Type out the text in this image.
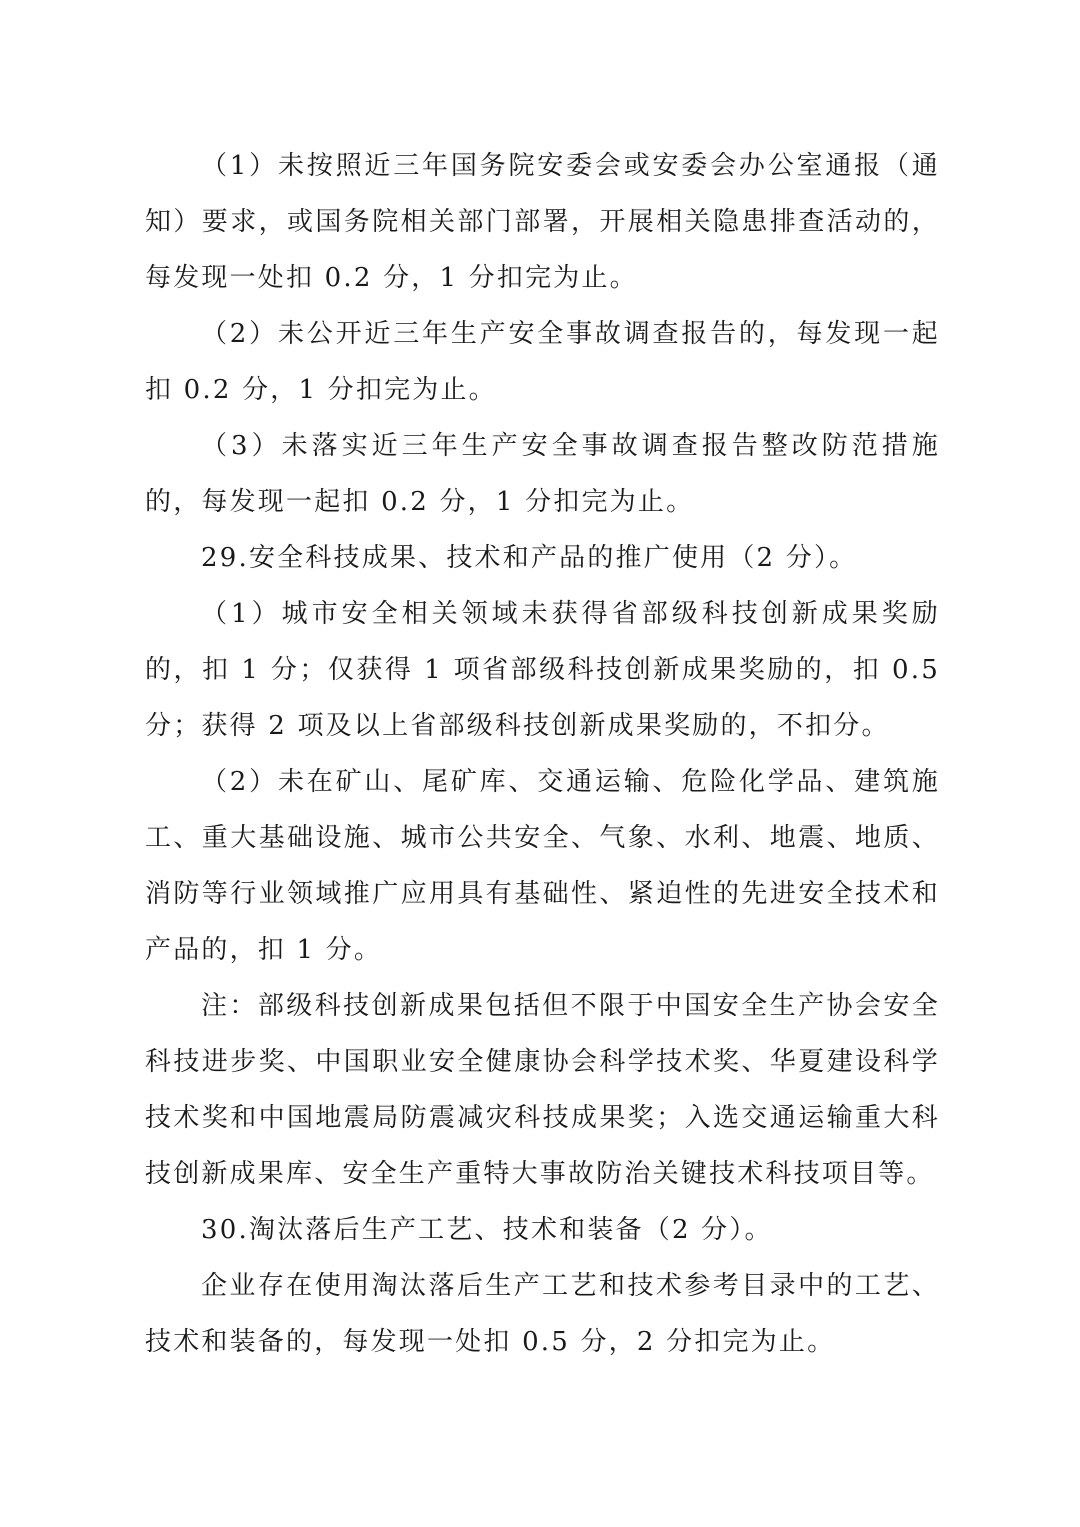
（1）未按照近三年国务院安委会或安委会办公室通报（通知）要求，或国务院相关部门部署，开展相关隐患排查活动的，每发现一处扣 0.2 分，1 分扣完为止。

（2）未公开近三年生产安全事故调查报告的，每发现一起扣 0.2 分，1 分扣完为止。

（3）未落实近三年生产安全事故调查报告整改防范措施的，每发现一起扣 0.2 分，1 分扣完为止。

29.安全科技成果、技术和产品的推广使用（2 分）。

（1）城市安全相关领域未获得省部级科技创新成果奖励的，扣 1 分；仅获得 1 项省部级科技创新成果奖励的，扣 0.5 分；获得 2 项及以上省部级科技创新成果奖励的，不扣分。

（2）未在矿山、尾矿库、交通运输、危险化学品、建筑施工、重大基础设施、城市公共安全、气象、水利、地震、地质、消防等行业领域推广应用具有基础性、紧迫性的先进安全技术和产品的，扣 1 分。

注：部级科技创新成果包括但不限于中国安全生产协会安全科技进步奖、中国职业安全健康协会科学技术奖、华夏建设科学技术奖和中国地震局防震减灾科技成果奖；入选交通运输重大科技创新成果库、安全生产重特大事故防治关键技术科技项目等。

30.淘汰落后生产工艺、技术和装备（2 分）。

企业存在使用淘汰落后生产工艺和技术参考目录中的工艺、技术和装备的，每发现一处扣 0.5 分，2 分扣完为止。
